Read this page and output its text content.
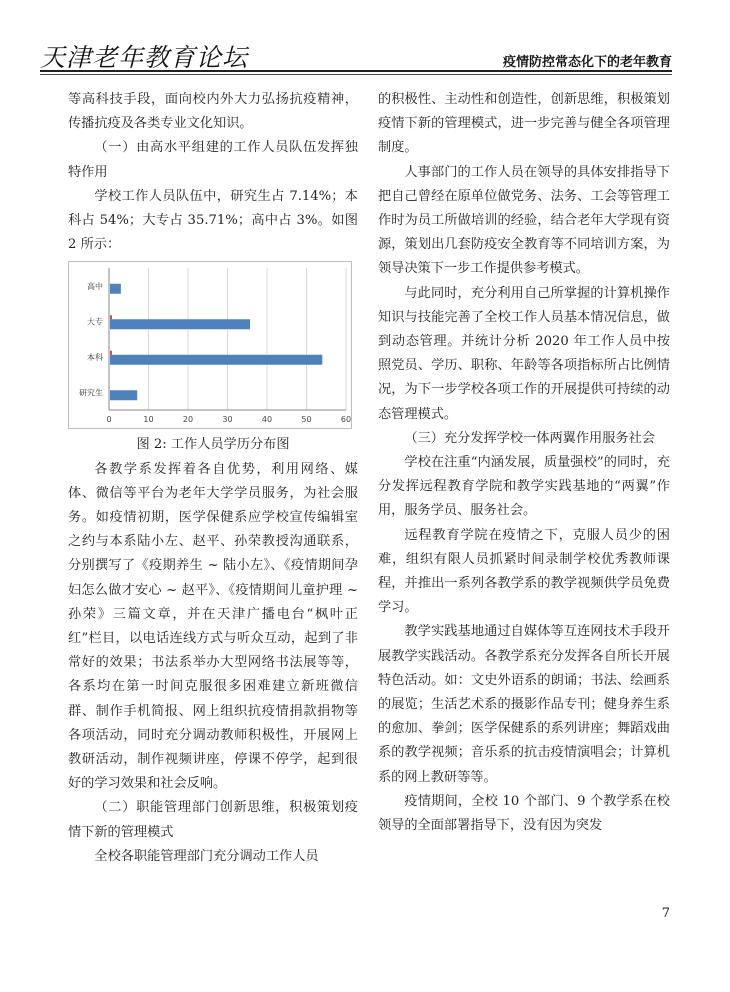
天津老年教育论坛	疫情防控常态化下的老年教育

等高科技手段，面向校内外大力弘扬抗疫精神，传播抗疫及各类专业文化知识。

（一）由高水平组建的工作人员队伍发挥独特作用

学校工作人员队伍中，研究生占 7.14%；本科占 54%；大专占 35.71%；高中占 3%。如图 2 所示：

0	10	20	30	40	50	60
研究生
本科
大专
高中

图 2: 工作人员学历分布图

各教学系发挥着各自优势，利用网络、媒体、微信等平台为老年大学学员服务，为社会服务。如疫情初期，医学保健系应学校宣传编辑室之约与本系陆小左、赵平、孙荣教授沟通联系，分别撰写了《疫期养生 ~ 陆小左》、《疫情期间孕妇怎么做才安心 ~ 赵平》、《疫情期间儿童护理 ~ 孙荣》三篇文章，并在天津广播电台“枫叶正红”栏目，以电话连线方式与听众互动，起到了非常好的效果；书法系举办大型网络书法展等等，各系均在第一时间克服很多困难建立新班微信群、制作手机简报、网上组织抗疫情捐款捐物等各项活动，同时充分调动教师积极性，开展网上教研活动，制作视频讲座，停课不停学，起到很好的学习效果和社会反响。

（二）职能管理部门创新思维，积极策划疫情下新的管理模式

全校各职能管理部门充分调动工作人员

的积极性、主动性和创造性，创新思维，积极策划疫情下新的管理模式，进一步完善与健全各项管理制度。

人事部门的工作人员在领导的具体安排指导下把自己曾经在原单位做党务、法务、工会等管理工作时为员工所做培训的经验，结合老年大学现有资源，策划出几套防疫安全教育等不同培训方案，为领导决策下一步工作提供参考模式。

与此同时，充分利用自己所掌握的计算机操作知识与技能完善了全校工作人员基本情况信息，做到动态管理。并统计分析 2020 年工作人员中按照党员、学历、职称、年龄等各项指标所占比例情况，为下一步学校各项工作的开展提供可持续的动态管理模式。

（三）充分发挥学校一体两翼作用服务社会

学校在注重“内涵发展，质量强校”的同时，充分发挥远程教育学院和教学实践基地的“两翼”作用，服务学员、服务社会。

远程教育学院在疫情之下，克服人员少的困难，组织有限人员抓紧时间录制学校优秀教师课程，并推出一系列各教学系的教学视频供学员免费学习。

教学实践基地通过自媒体等互连网技术手段开展教学实践活动。各教学系充分发挥各自所长开展特色活动。如：文史外语系的朗诵；书法、绘画系的展览；生活艺术系的摄影作品专刊；健身养生系的愈加、拳剑；医学保健系的系列讲座；舞蹈戏曲系的教学视频；音乐系的抗击疫情演唱会；计算机系的网上教研等等。

疫情期间，全校 10 个部门、9 个教学系在校领导的全面部署指导下，没有因为突发

7
